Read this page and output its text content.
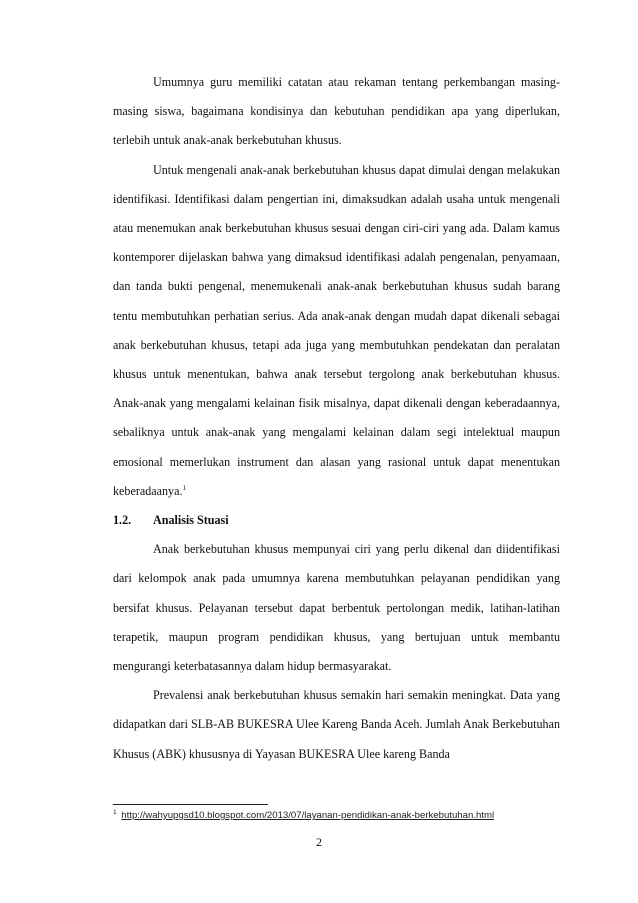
Umumnya guru memiliki catatan atau rekaman tentang perkembangan masing-masing siswa, bagaimana kondisinya dan kebutuhan pendidikan apa yang diperlukan, terlebih untuk anak-anak berkebutuhan khusus.

Untuk mengenali anak-anak berkebutuhan khusus dapat dimulai dengan melakukan identifikasi. Identifikasi dalam pengertian ini, dimaksudkan adalah usaha untuk mengenali atau menemukan anak berkebutuhan khusus sesuai dengan ciri-ciri yang ada. Dalam kamus kontemporer dijelaskan bahwa yang dimaksud identifikasi adalah pengenalan, penyamaan, dan tanda bukti pengenal, menemukenali anak-anak berkebutuhan khusus sudah barang tentu membutuhkan perhatian serius. Ada anak-anak dengan mudah dapat dikenali sebagai anak berkebutuhan khusus, tetapi ada juga yang membutuhkan pendekatan dan peralatan khusus untuk menentukan, bahwa anak tersebut tergolong anak berkebutuhan khusus. Anak-anak yang mengalami kelainan fisik misalnya, dapat dikenali dengan keberadaannya, sebaliknya untuk anak-anak yang mengalami kelainan dalam segi intelektual maupun emosional memerlukan instrument dan alasan yang rasional untuk dapat menentukan keberadaanya.$^1$

1.2.	Analisis Stuasi

Anak berkebutuhan khusus mempunyai ciri yang perlu dikenal dan diidentifikasi dari kelompok anak pada umumnya karena membutuhkan pelayanan pendidikan yang bersifat khusus. Pelayanan tersebut dapat berbentuk pertolongan medik, latihan-latihan terapetik, maupun program pendidikan khusus, yang bertujuan untuk membantu mengurangi keterbatasannya dalam hidup bermasyarakat.

Prevalensi anak berkebutuhan khusus semakin hari semakin meningkat. Data yang didapatkan dari SLB-AB BUKESRA Ulee Kareng Banda Aceh. Jumlah Anak Berkebutuhan Khusus (ABK) khususnya di Yayasan BUKESRA Ulee kareng Banda

$^1$ http://wahyupgsd10.blogspot.com/2013/07/layanan-pendidikan-anak-berkebutuhan.html
2
